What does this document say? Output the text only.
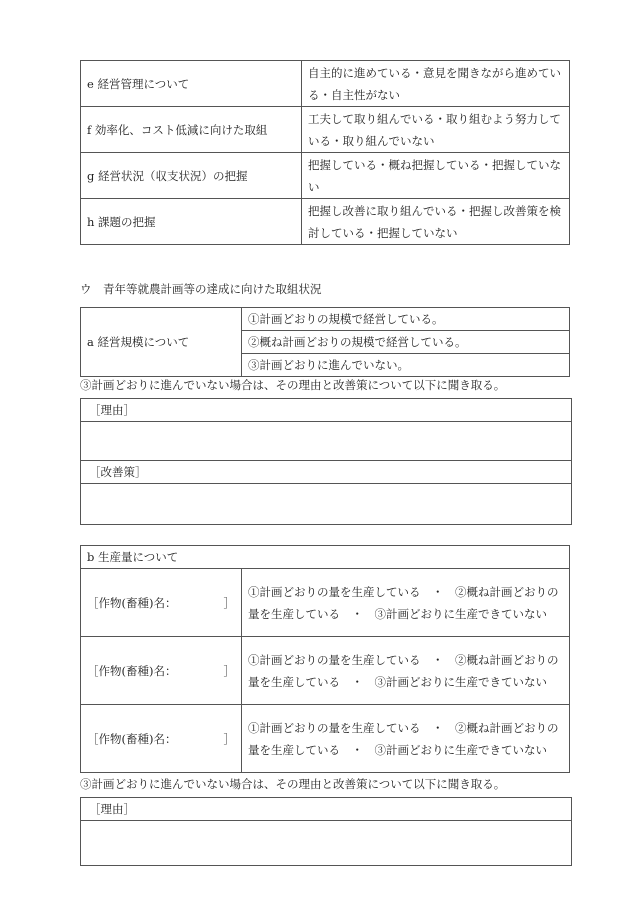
e 経営管理について	自主的に進めている・意見を聞きながら進めている・自主性がない
f 効率化、コスト低減に向けた取組	工夫して取り組んでいる・取り組むよう努力している・取り組んでいない
g 経営状況（収支状況）の把握	把握している・概ね把握している・把握していない
h 課題の把握	把握し改善に取り組んでいる・把握し改善策を検討している・把握していない
ウ　青年等就農計画等の達成に向けた取組状況
a 経営規模について	①計画どおりの規模で経営している。
②概ね計画どおりの規模で経営している。
③計画どおりに進んでいない。
③計画どおりに進んでいない場合は、その理由と改善策について以下に聞き取る。
［理由］
［改善策］
b 生産量について	

［作物(畜種)名： ］	①計画どおりの量を生産している　・　②概ね計画どおりの量を生産している　・　③計画どおりに生産できていない

［作物(畜種)名： ］	①計画どおりの量を生産している　・　②概ね計画どおりの量を生産している　・　③計画どおりに生産できていない

［作物(畜種)名： ］	①計画どおりの量を生産している　・　②概ね計画どおりの量を生産している　・　③計画どおりに生産できていない
③計画どおりに進んでいない場合は、その理由と改善策について以下に聞き取る。
［理由］
